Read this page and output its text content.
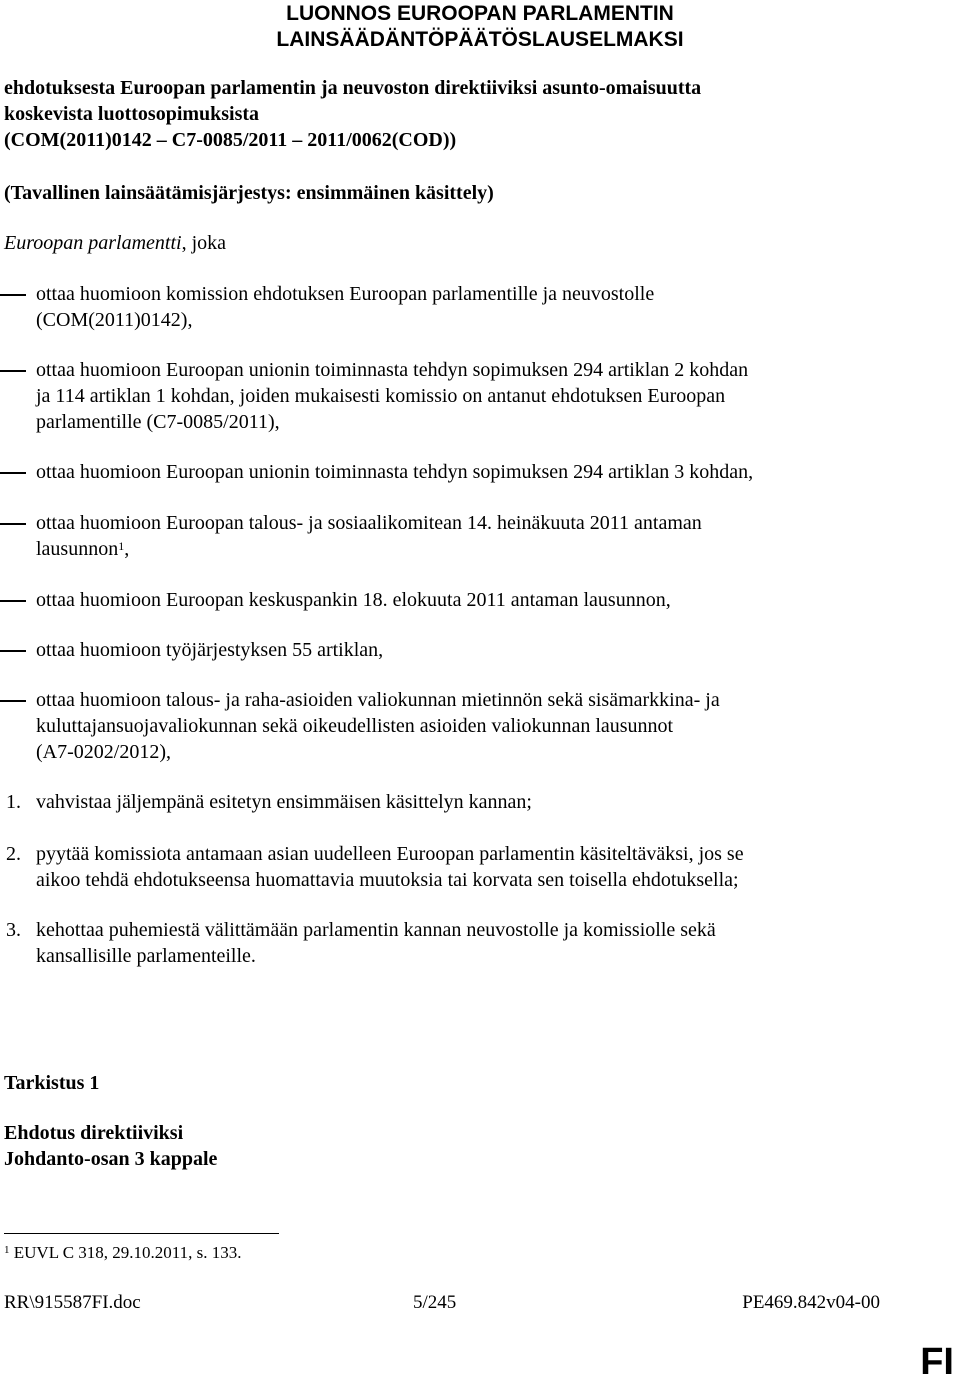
LUONNOS EUROOPAN PARLAMENTIN
LAINSÄÄDÄNTÖPÄÄTÖSLAUSELMAKSI
ehdotuksesta Euroopan parlamentin ja neuvoston direktiiviksi asunto-omaisuutta
koskevista luottosopimuksista
(COM(2011)0142 – C7-0085/2011 – 2011/0062(COD))
(Tavallinen lainsäätämisjärjestys: ensimmäinen käsittely)
Euroopan parlamentti, joka
ottaa huomioon komission ehdotuksen Euroopan parlamentille ja neuvostolle
(COM(2011)0142),
ottaa huomioon Euroopan unionin toiminnasta tehdyn sopimuksen 294 artiklan 2 kohdan
ja 114 artiklan 1 kohdan, joiden mukaisesti komissio on antanut ehdotuksen Euroopan
parlamentille (C7-0085/2011),
ottaa huomioon Euroopan unionin toiminnasta tehdyn sopimuksen 294 artiklan 3 kohdan,
ottaa huomioon Euroopan talous- ja sosiaalikomitean 14. heinäkuuta 2011 antaman
lausunnon$^1$,
ottaa huomioon Euroopan keskuspankin 18. elokuuta 2011 antaman lausunnon,
ottaa huomioon työjärjestyksen 55 artiklan,
ottaa huomioon talous- ja raha-asioiden valiokunnan mietinnön sekä sisämarkkina- ja
kuluttajansuojavaliokunnan sekä oikeudellisten asioiden valiokunnan lausunnot
(A7-0202/2012),
1. vahvistaa jäljempänä esitetyn ensimmäisen käsittelyn kannan;
2. pyytää komissiota antamaan asian uudelleen Euroopan parlamentin käsiteltäväksi, jos se
aikoo tehdä ehdotukseensa huomattavia muutoksia tai korvata sen toisella ehdotuksella;
3. kehottaa puhemiestä välittämään parlamentin kannan neuvostolle ja komissiolle sekä
kansallisille parlamenteille.
Tarkistus 1
Ehdotus direktiiviksi
Johdanto-osan 3 kappale
$^1$ EUVL C 318, 29.10.2011, s. 133.
RR\915587FI.doc	5/245	PE469.842v04-00
FI
